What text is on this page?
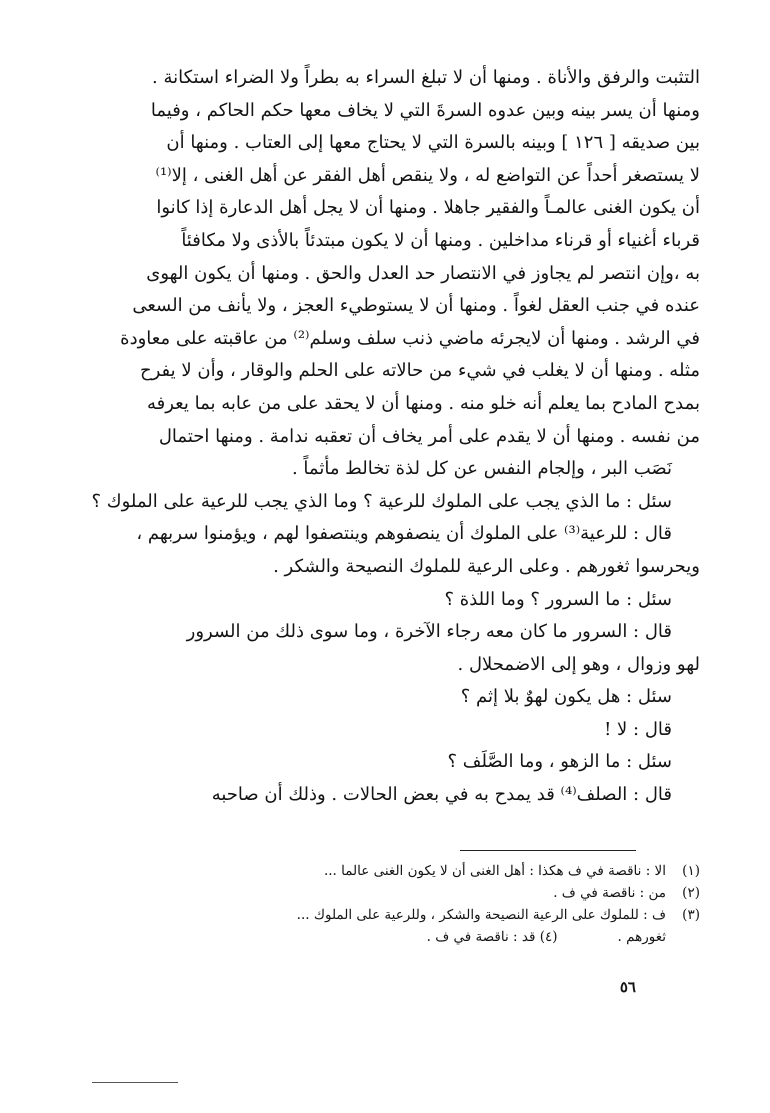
التثبت والرفق والأناة . ومنها أن لا تبلغ السراء به بطراً ولا الضراء استكانة .
ومنها أن يسر بينه وبين عدوه السرةَ التي لا يخاف معها حكم الحاكم ، وفيما
بين صديقه [ ١٢٦ ] وبينه بالسرة التي لا يحتاج معها إلى العتاب . ومنها أن
لا يستصغر أحداً عن التواضع له ، ولا ينقص أهل الفقر عن أهل الغنى ، إلا⁽¹⁾
أن يكون الغنى عالمـاً والفقير جاهلا . ومنها أن لا يجل أهل الدعارة إذا كانوا
قرباء أغنياء أو قرناء مداخلين . ومنها أن لا يكون مبتدئاً بالأذى ولا مكافئاً
به ،وإن انتصر لم يجاوز في الانتصار حد العدل والحق . ومنها أن يكون الهوى
عنده في جنب العقل لغواً . ومنها أن لا يستوطيء العجز ، ولا يأنف من السعى
في الرشد . ومنها أن لايجرئه ماضي ذنب سلف وسلم⁽²⁾ من عاقبته على معاودة
مثله . ومنها أن لا يغلب في شيء من حالاته على الحلم والوقار ، وأن لا يفرح
بمدح المادح بما يعلم أنه خلو منه . ومنها أن لا يحقد على من عابه بما يعرفه
من نفسه . ومنها أن لا يقدم على أمر يخاف أن تعقبه ندامة . ومنها احتمال
نَصَب البر ، وإلجام النفس عن كل لذة تخالط مأثماً .
سئل : ما الذي يجب على الملوك للرعية ؟ وما الذي يجب للرعية على الملوك ؟
قال : للرعية⁽³⁾ على الملوك أن ينصفوهم وينتصفوا لهم ، ويؤمنوا سربهم ،
ويحرسوا ثغورهم . وعلى الرعية للملوك النصيحة والشكر .
سئل : ما السرور ؟ وما اللذة ؟
قال : السرور ما كان معه رجاء الآخرة ، وما سوى ذلك من السرور
لهو وزوال ، وهو إلى الاضمحلال .
سئل : هل يكون لهوٌ بلا إثم ؟
قال : لا !
سئل : ما الزهو ، وما الصَّلَف ؟
قال : الصلف⁽⁴⁾ قد يمدح به في بعض الحالات . وذلك أن صاحبه
(١)الا : ناقصة في ف هكذا : أهل الغنى أن لا يكون الغنى عالما ...
(٢)من : ناقصة في ف .
(٣)ف : للملوك على الرعية النصيحة والشكر ، وللرعية على الملوك ...
ثغورهم .(٤) قد : ناقصة في ف .
٥٦
